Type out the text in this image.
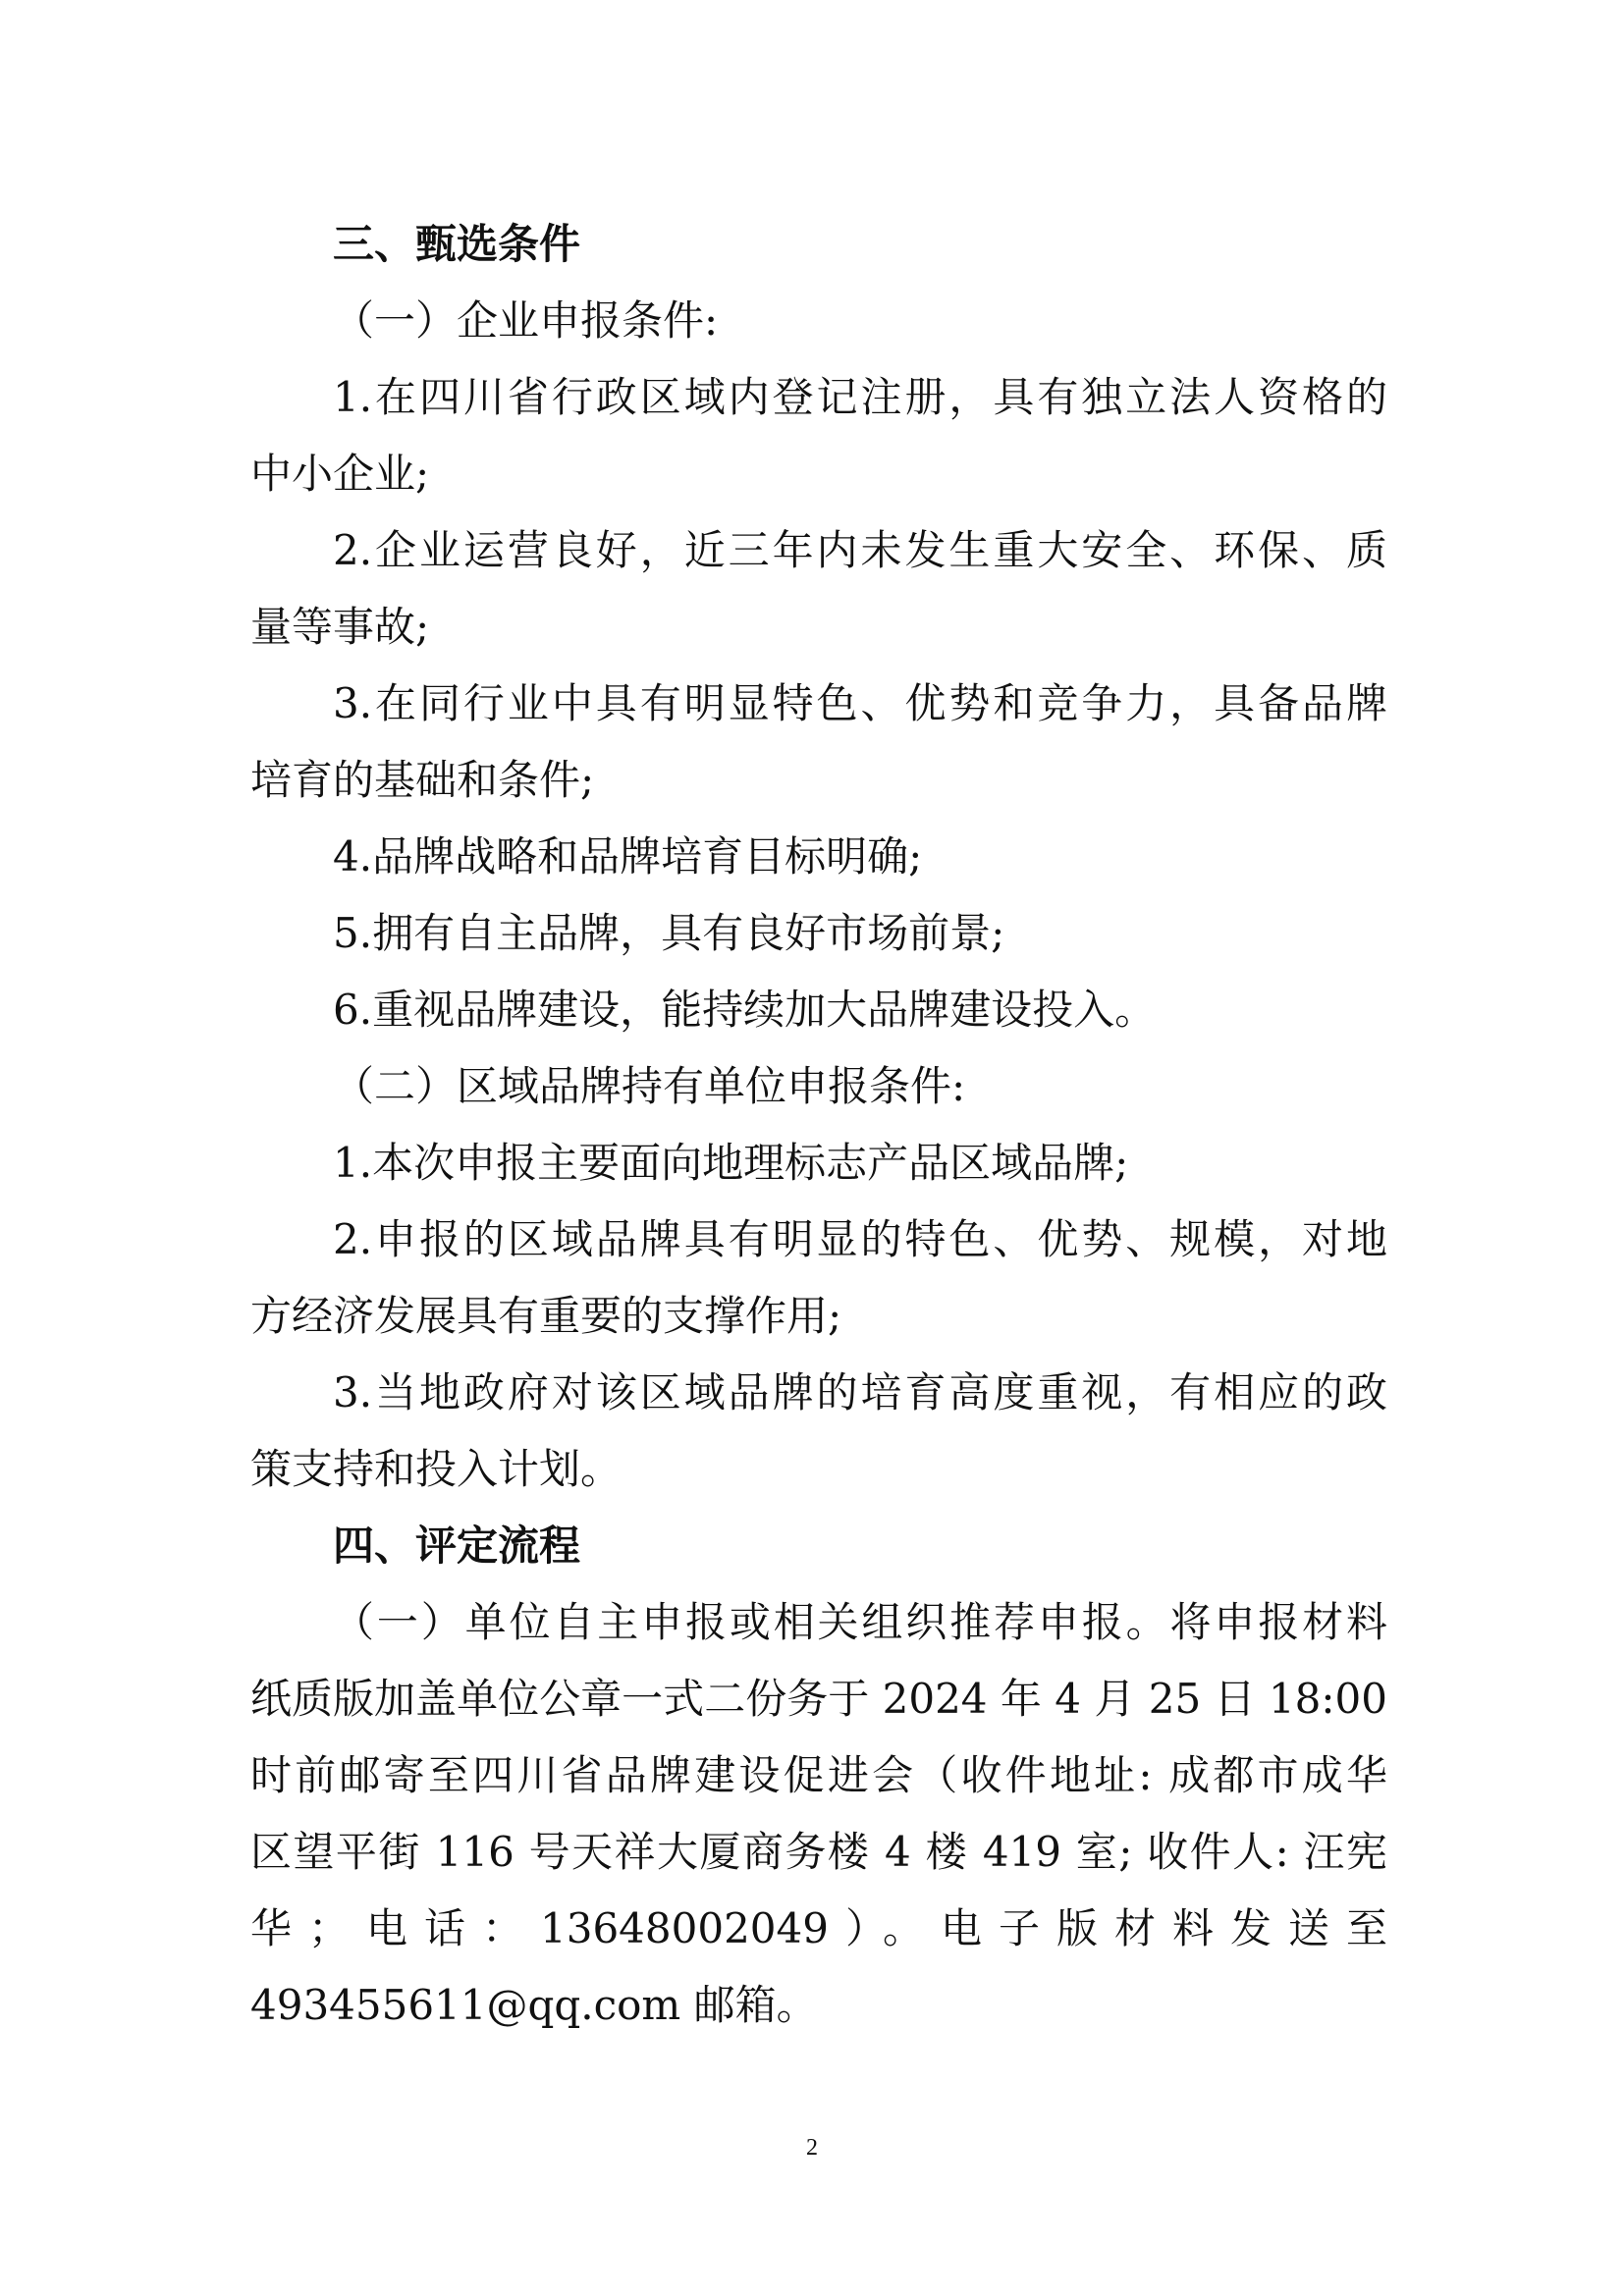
三、甄选条件

（一）企业申报条件:

1.在四川省行政区域内登记注册，具有独立法人资格的

中小企业;

2.企业运营良好，近三年内未发生重大安全、环保、质

量等事故;

3.在同行业中具有明显特色、优势和竞争力，具备品牌

培育的基础和条件;

4.品牌战略和品牌培育目标明确;

5.拥有自主品牌，具有良好市场前景;

6.重视品牌建设，能持续加大品牌建设投入。

（二）区域品牌持有单位申报条件:

1.本次申报主要面向地理标志产品区域品牌;

2.申报的区域品牌具有明显的特色、优势、规模，对地

方经济发展具有重要的支撑作用;

3.当地政府对该区域品牌的培育高度重视，有相应的政

策支持和投入计划。

四、评定流程

（一）单位自主申报或相关组织推荐申报。将申报材料

纸质版加盖单位公章一式二份务于 2024 年 4 月 25 日 18:00

时前邮寄至四川省品牌建设促进会（收件地址: 成都市成华

区望平街 116 号天祥大厦商务楼 4 楼 419 室; 收件人: 汪宪

华；电话：13648002049）。电子版材料发送至

493455611@qq.com 邮箱。

2
